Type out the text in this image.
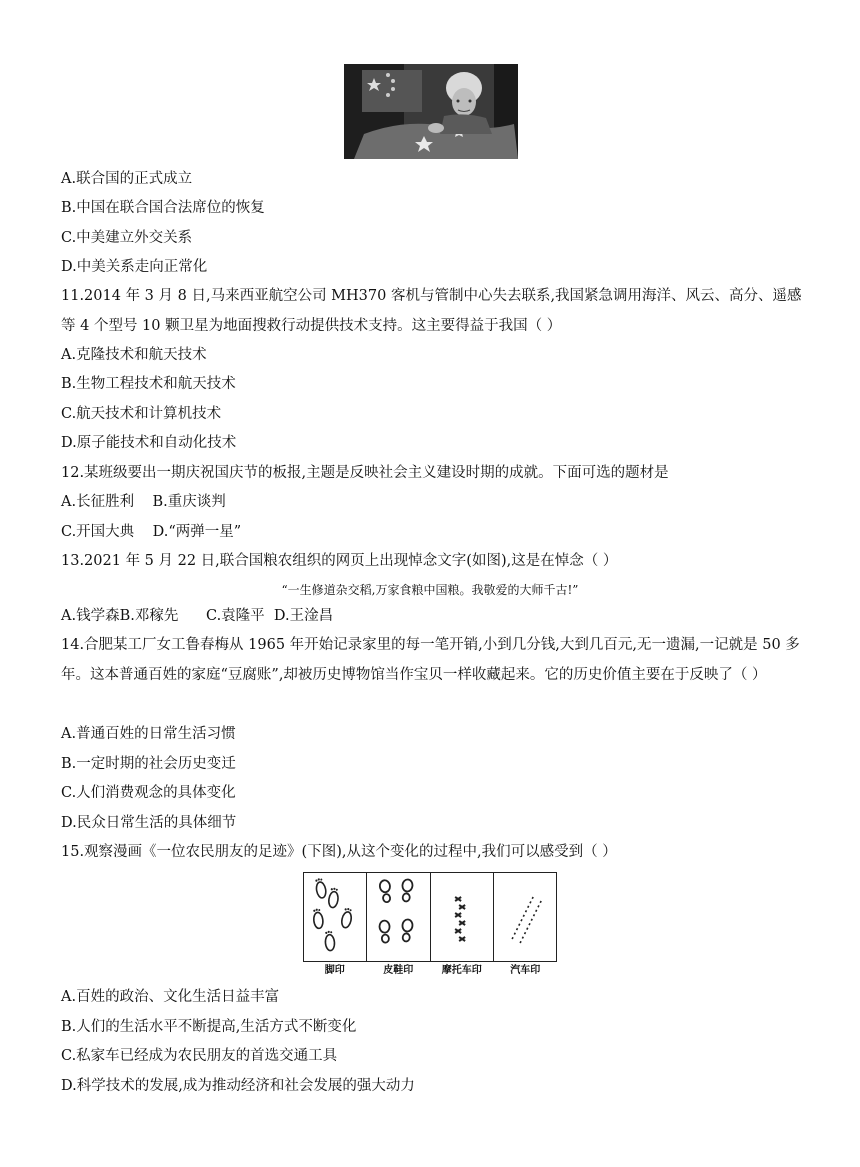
A.联合国的正式成立
B.中国在联合国合法席位的恢复
C.中美建立外交关系
D.中美关系走向正常化
11.2014 年 3 月 8 日,马来西亚航空公司 MH370 客机与管制中心失去联系,我国紧急调用海洋、风云、高分、遥感等 4 个型号 10 颗卫星为地面搜救行动提供技术支持。这主要得益于我国（ ）
A.克隆技术和航天技术
B.生物工程技术和航天技术
C.航天技术和计算机技术
D.原子能技术和自动化技术
12.某班级要出一期庆祝国庆节的板报,主题是反映社会主义建设时期的成就。下面可选的题材是
A.长征胜利    B.重庆谈判
C.开国大典    D.“两弹一星”
13.2021 年 5 月 22 日,联合国粮农组织的网页上出现悼念文字(如图),这是在悼念（ ）
“一生修道杂交稻,万家食粮中国粮。我敬爱的大师千古!”
A.钱学森B.邓稼先      C.袁隆平  D.王淦昌
14.合肥某工厂女工鲁春梅从 1965 年开始记录家里的每一笔开销,小到几分钱,大到几百元,无一遗漏,一记就是 50 多年。这本普通百姓的家庭“豆腐账”,却被历史博物馆当作宝贝一样收藏起来。它的历史价值主要在于反映了（ ）
A.普通百姓的日常生活习惯
B.一定时期的社会历史变迁
C.人们消费观念的具体变化
D.民众日常生活的具体细节
15.观察漫画《一位农民朋友的足迹》(下图),从这个变化的过程中,我们可以感受到（ ）
脚印	皮鞋印	摩托车印	汽车印
A.百姓的政治、文化生活日益丰富
B.人们的生活水平不断提高,生活方式不断变化
C.私家车已经成为农民朋友的首选交通工具
D.科学技术的发展,成为推动经济和社会发展的强大动力
